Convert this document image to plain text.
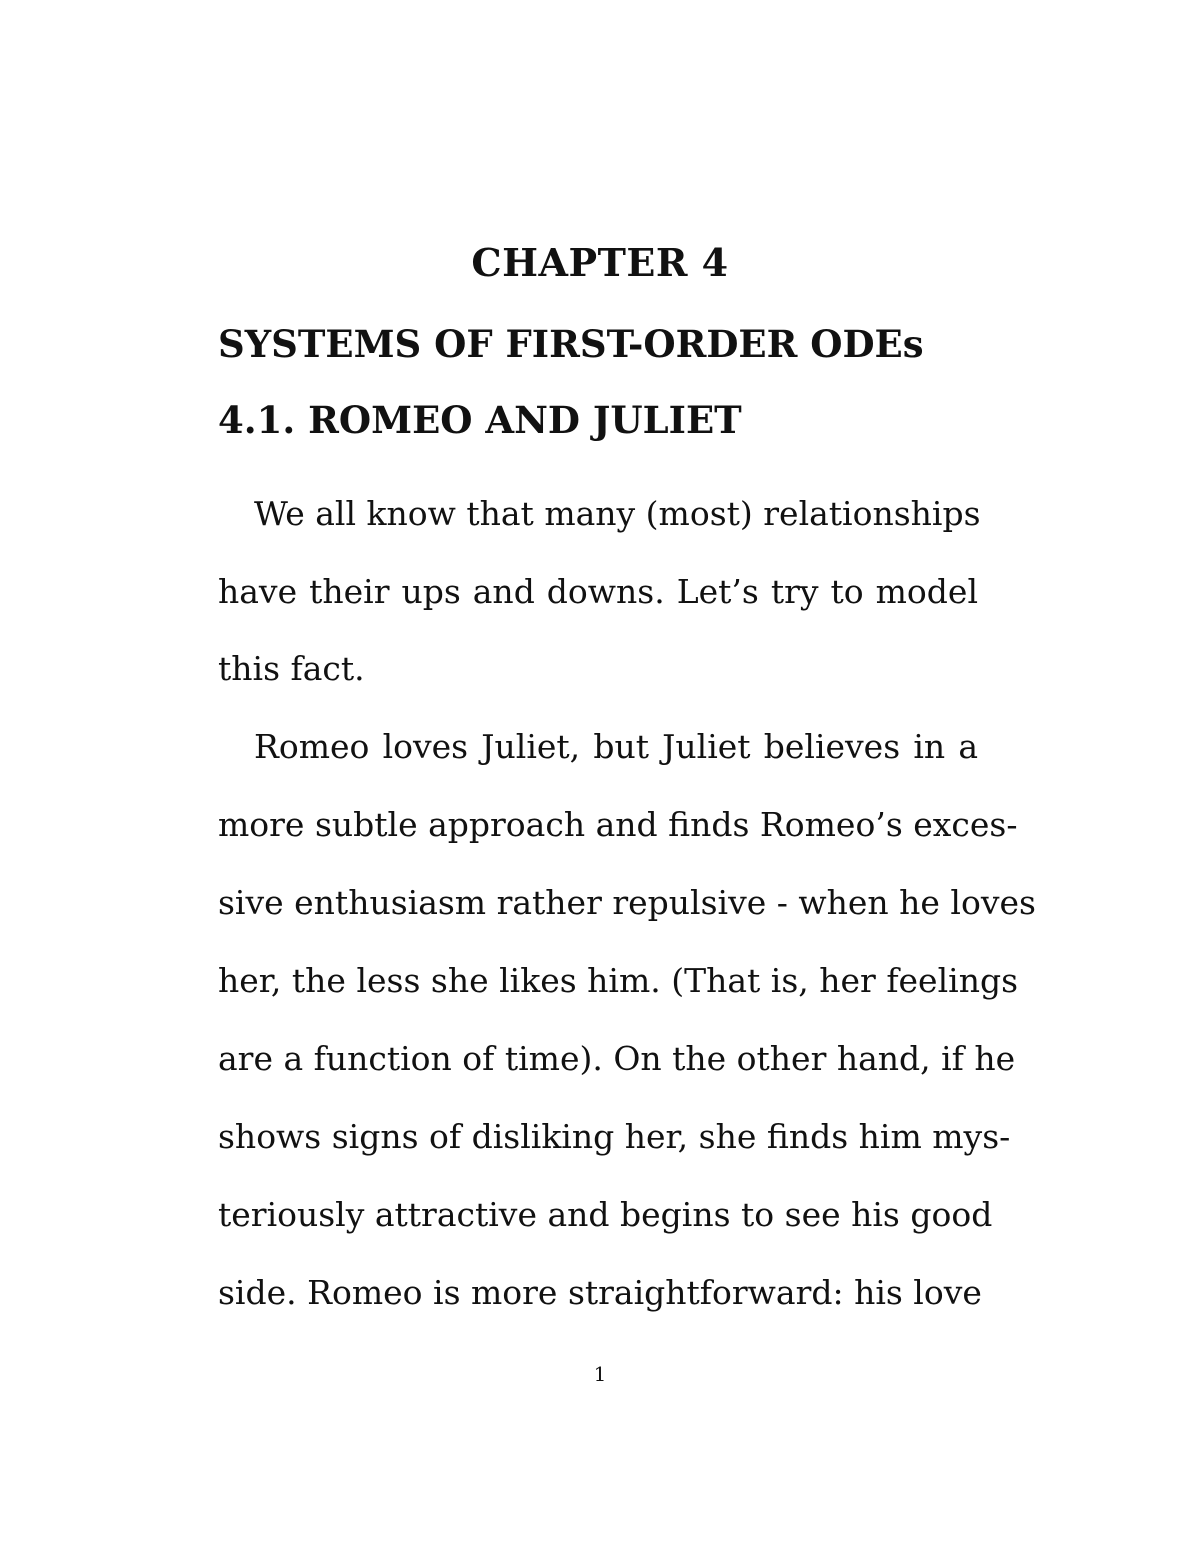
CHAPTER 4
SYSTEMS OF FIRST-ORDER ODEs
4.1. ROMEO AND JULIET
We all know that many (most) relationships
have their ups and downs. Let’s try to model
this fact.
Romeo loves Juliet, but Juliet believes in a
more subtle approach and finds Romeo’s exces-
sive enthusiasm rather repulsive - when he loves
her, the less she likes him. (That is, her feelings
are a function of time). On the other hand, if he
shows signs of disliking her, she finds him mys-
teriously attractive and begins to see his good
side. Romeo is more straightforward: his love
1
